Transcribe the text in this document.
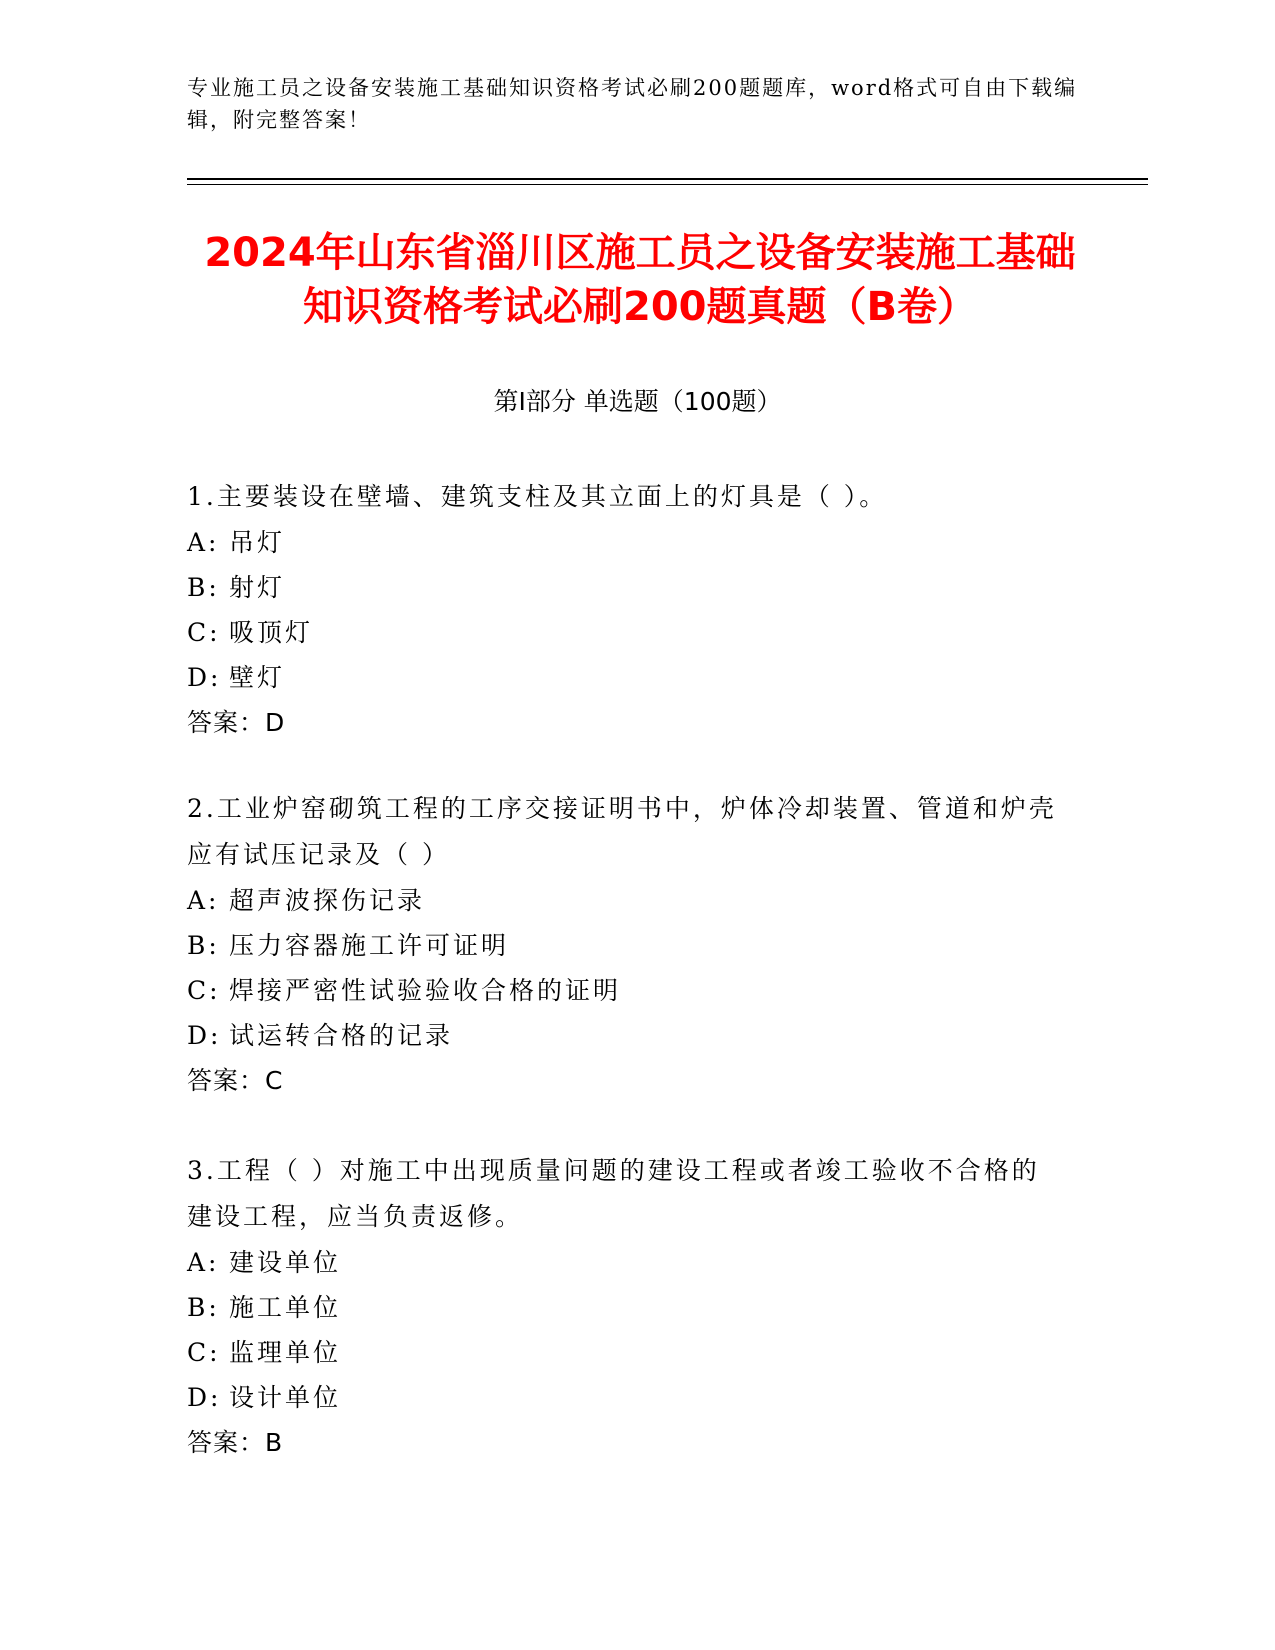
专业施工员之设备安装施工基础知识资格考试必刷200题题库，word格式可自由下载编辑，附完整答案！
2024年山东省淄川区施工员之设备安装施工基础知识资格考试必刷200题真题（B卷）
第Ⅰ部分 单选题（100题）

1.主要装设在壁墙、建筑支柱及其立面上的灯具是（ ）。

A: 吊灯

B: 射灯

C: 吸顶灯

D: 壁灯

答案：D

2.工业炉窑砌筑工程的工序交接证明书中，炉体冷却装置、管道和炉壳应有试压记录及（ ）

A: 超声波探伤记录

B: 压力容器施工许可证明

C: 焊接严密性试验验收合格的证明

D: 试运转合格的记录

答案：C

3.工程（ ）对施工中出现质量问题的建设工程或者竣工验收不合格的建设工程，应当负责返修。

A: 建设单位

B: 施工单位

C: 监理单位

D: 设计单位

答案：B
